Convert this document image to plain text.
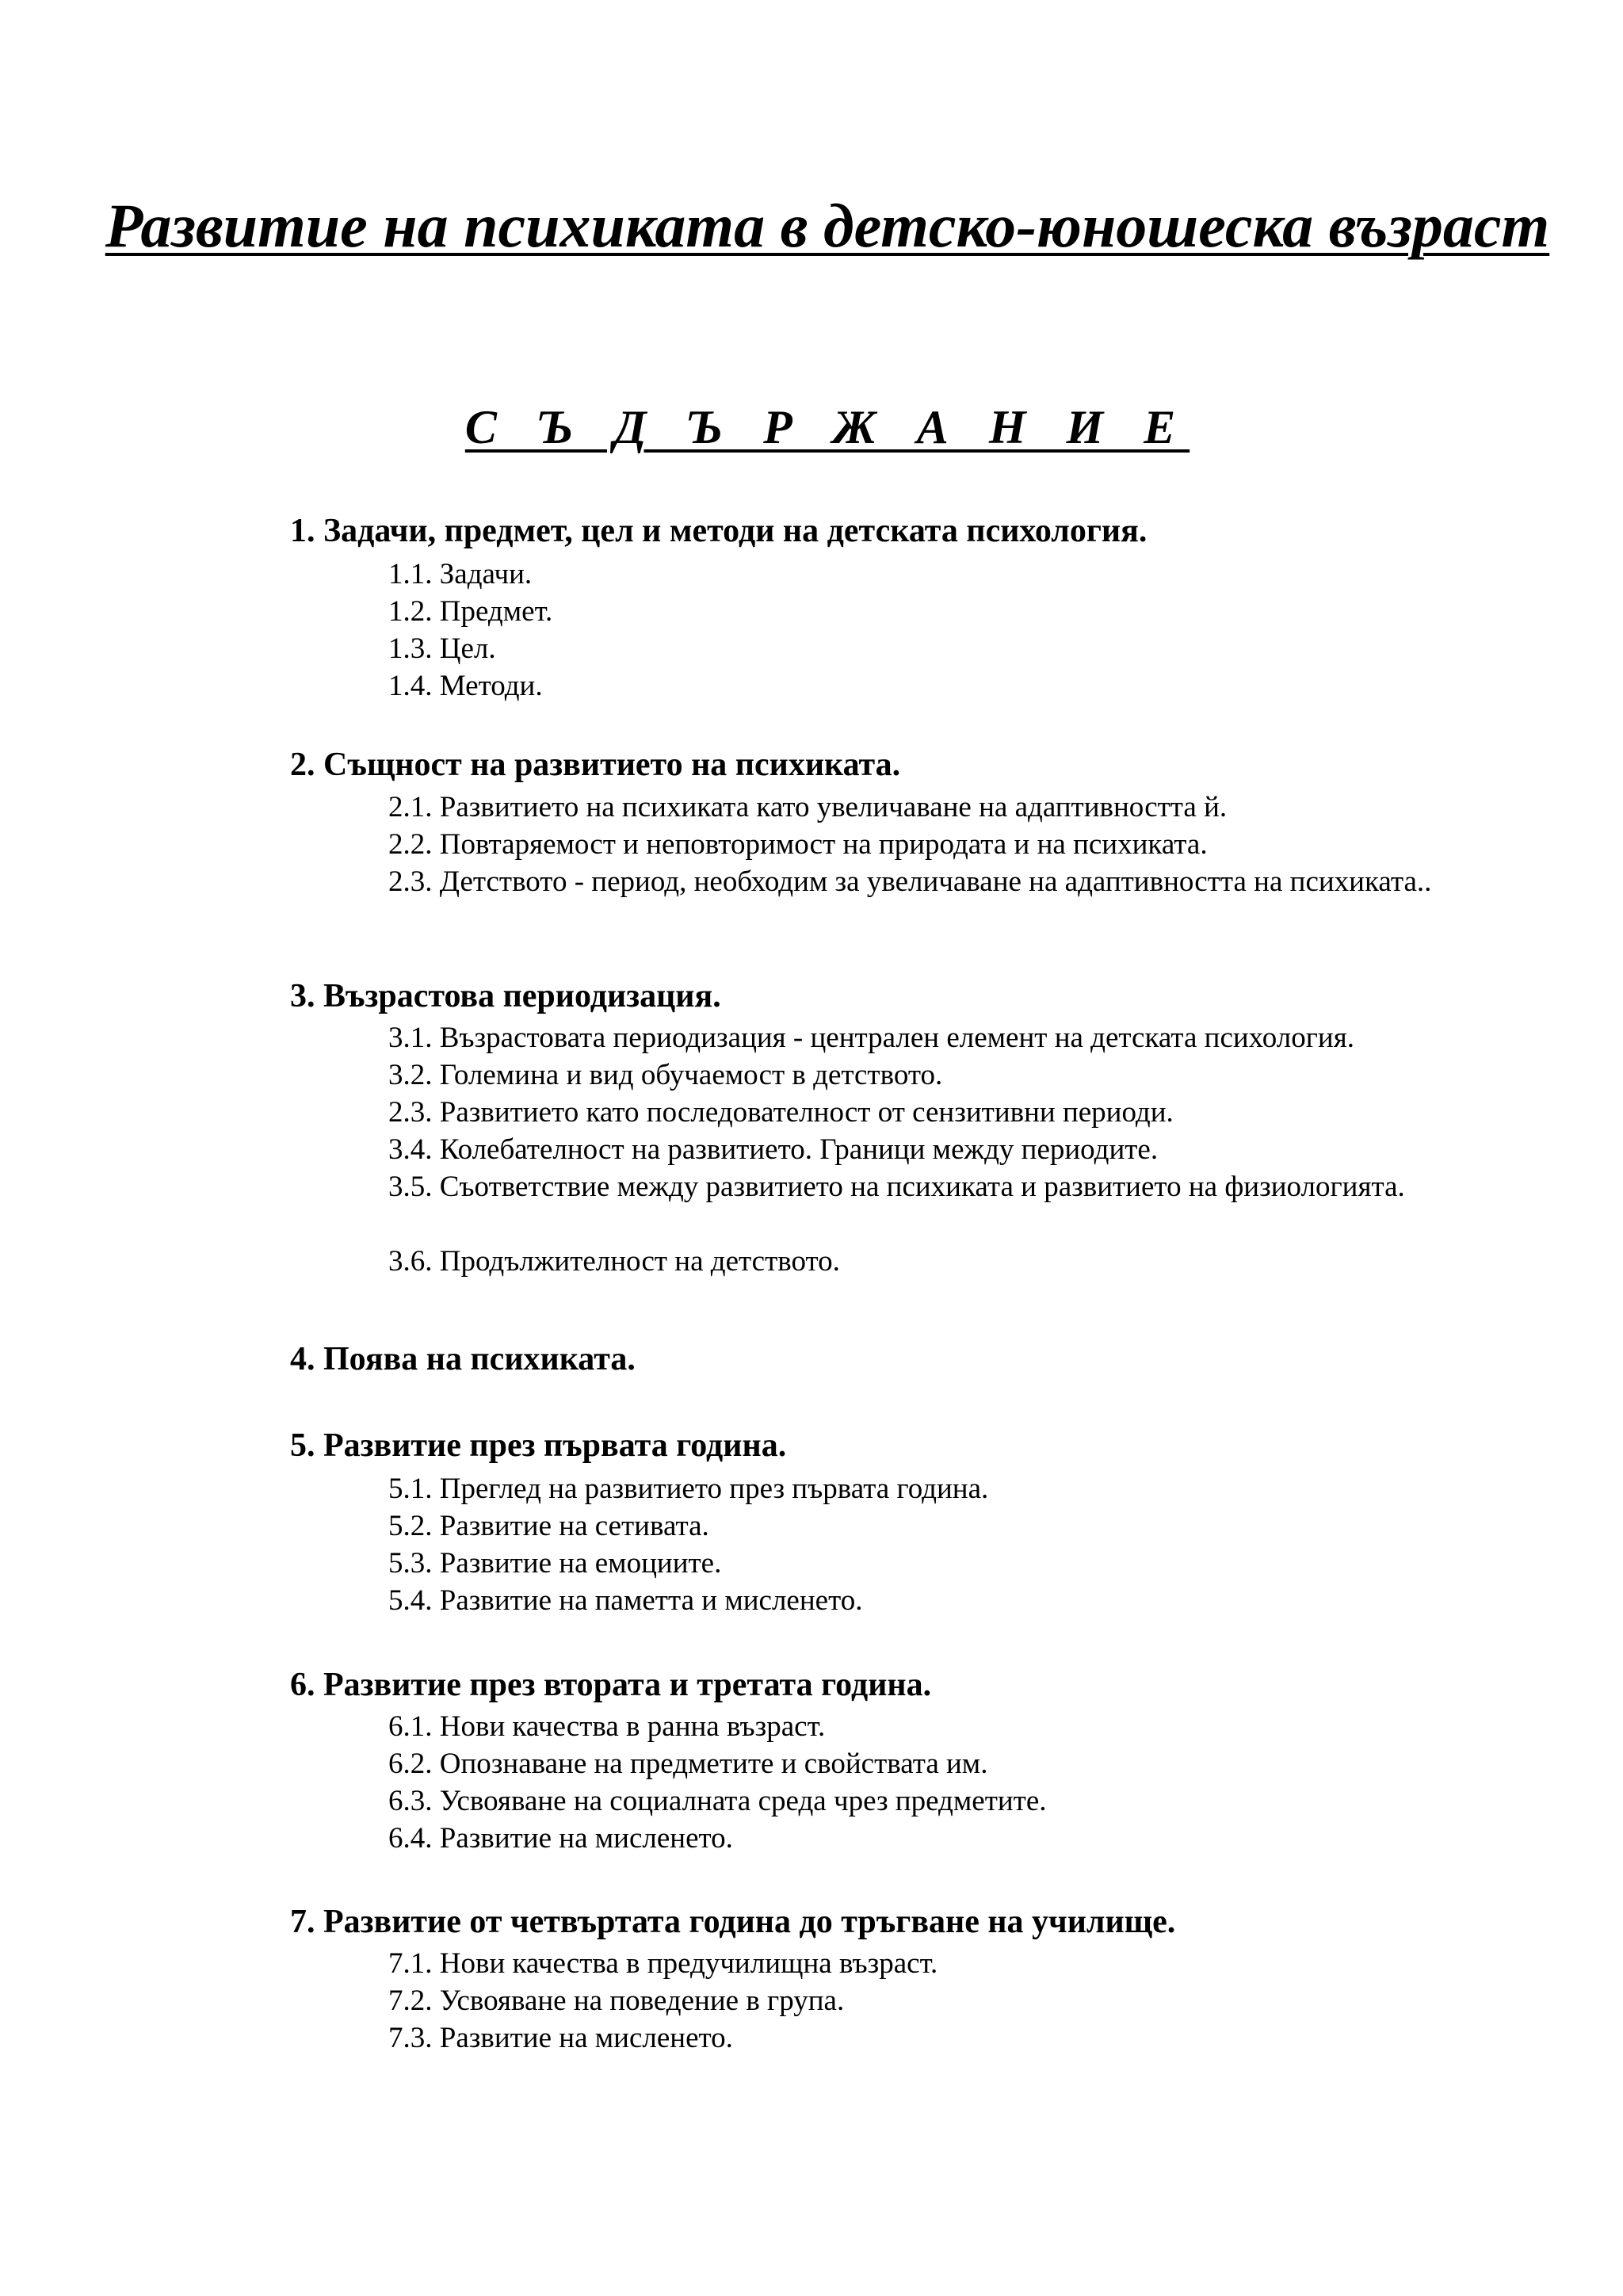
Развитие на психиката в детско-юношеска възраст
С Ъ Д Ъ Р Ж А Н И Е

1. Задачи, предмет, цел и методи на детската психология.

1.1. Задачи.

1.2. Предмет.

1.3. Цел.

1.4. Методи.

2. Същност на развитието на психиката.

2.1. Развитието на психиката като увеличаване на адаптивността й.

2.2. Повтаряемост и неповторимост на природата и на психиката.

2.3. Детството - период, необходим за увеличаване на адаптивността на психиката..

3. Възрастова периодизация.

3.1. Възрастовата периодизация - централен елемент на детската психология.

3.2. Големина и вид обучаемост в детството.

2.3. Развитието като последователност от сензитивни периоди.

3.4. Колебателност на развитието. Граници между периодите.

3.5. Съответствие между развитието на психиката и развитието на физиологията.

3.6. Продължителност на детството.

4. Поява на психиката.

5. Развитие през първата година.

5.1. Преглед на развитието през първата година.

5.2. Развитие на сетивата.

5.3. Развитие на емоциите.

5.4. Развитие на паметта и мисленето.

6. Развитие през втората и третата година.

6.1. Нови качества в ранна възраст.

6.2. Опознаване на предметите и свойствата им.

6.3. Усвояване на социалната среда чрез предметите.

6.4. Развитие на мисленето.

7. Развитие от четвъртата година до тръгване на училище.

7.1. Нови качества в предучилищна възраст.

7.2. Усвояване на поведение в група.

7.3. Развитие на мисленето.
